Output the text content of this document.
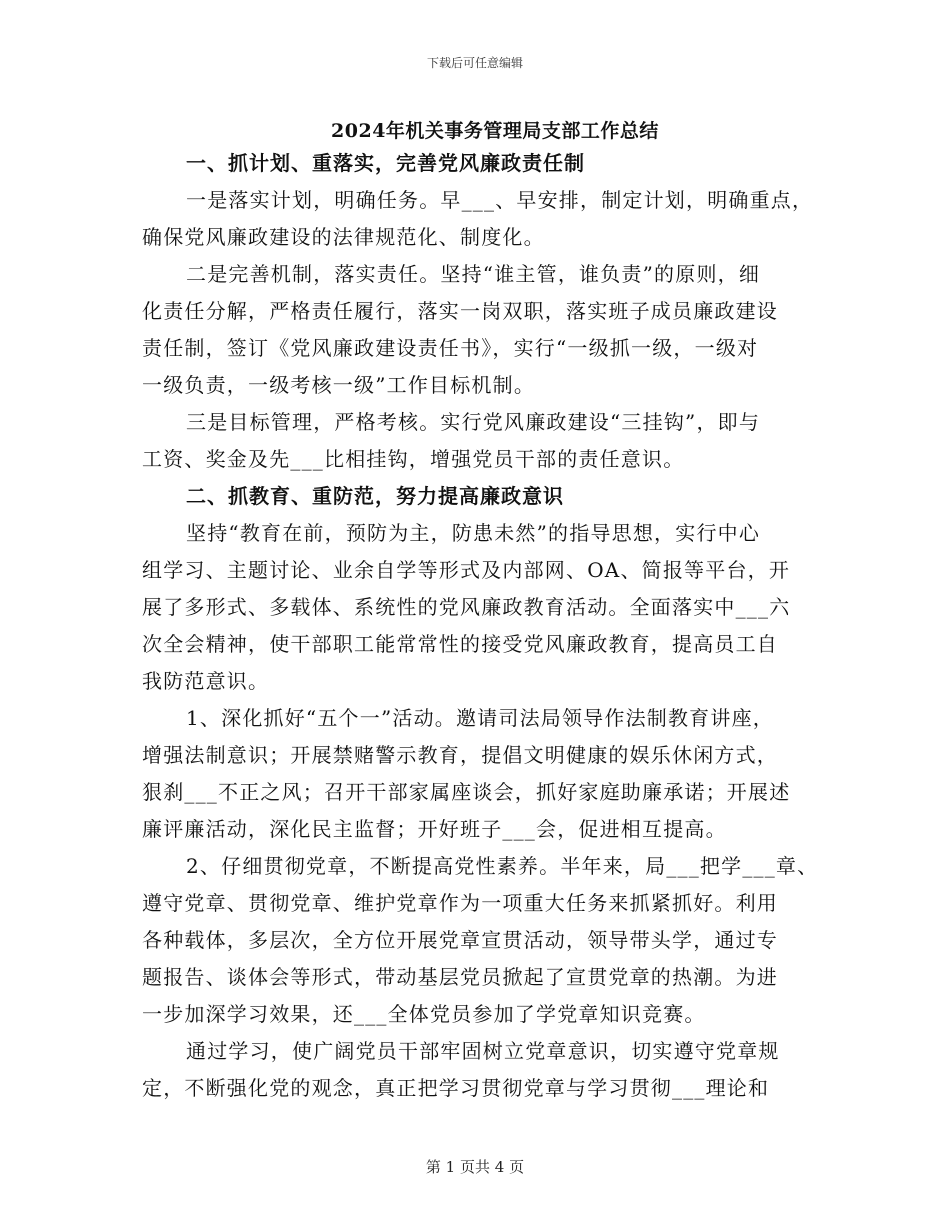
下载后可任意编辑
2024年机关事务管理局支部工作总结
一、抓计划、重落实，完善党风廉政责任制
一是落实计划，明确任务。早___、早安排，制定计划，明确重点，
确保党风廉政建设的法律规范化、制度化。
二是完善机制，落实责任。坚持“谁主管，谁负责”的原则，细
化责任分解，严格责任履行，落实一岗双职，落实班子成员廉政建设
责任制，签订《党风廉政建设责任书》，实行“一级抓一级，一级对
一级负责，一级考核一级”工作目标机制。
三是目标管理，严格考核。实行党风廉政建设“三挂钩”，即与
工资、奖金及先___比相挂钩，增强党员干部的责任意识。
二、抓教育、重防范，努力提高廉政意识
坚持“教育在前，预防为主，防患未然”的指导思想，实行中心
组学习、主题讨论、业余自学等形式及内部网、OA、简报等平台，开
展了多形式、多载体、系统性的党风廉政教育活动。全面落实中___六
次全会精神，使干部职工能常常性的接受党风廉政教育，提高员工自
我防范意识。
1、深化抓好“五个一”活动。邀请司法局领导作法制教育讲座，
增强法制意识；开展禁赌警示教育，提倡文明健康的娱乐休闲方式，
狠刹___不正之风；召开干部家属座谈会，抓好家庭助廉承诺；开展述
廉评廉活动，深化民主监督；开好班子___会，促进相互提高。
2、仔细贯彻党章，不断提高党性素养。半年来，局___把学___章、
遵守党章、贯彻党章、维护党章作为一项重大任务来抓紧抓好。利用
各种载体，多层次，全方位开展党章宣贯活动，领导带头学，通过专
题报告、谈体会等形式，带动基层党员掀起了宣贯党章的热潮。为进
一步加深学习效果，还___全体党员参加了学党章知识竞赛。
通过学习，使广阔党员干部牢固树立党章意识，切实遵守党章规
定，不断强化党的观念，真正把学习贯彻党章与学习贯彻___理论和
第 1 页共 4 页
